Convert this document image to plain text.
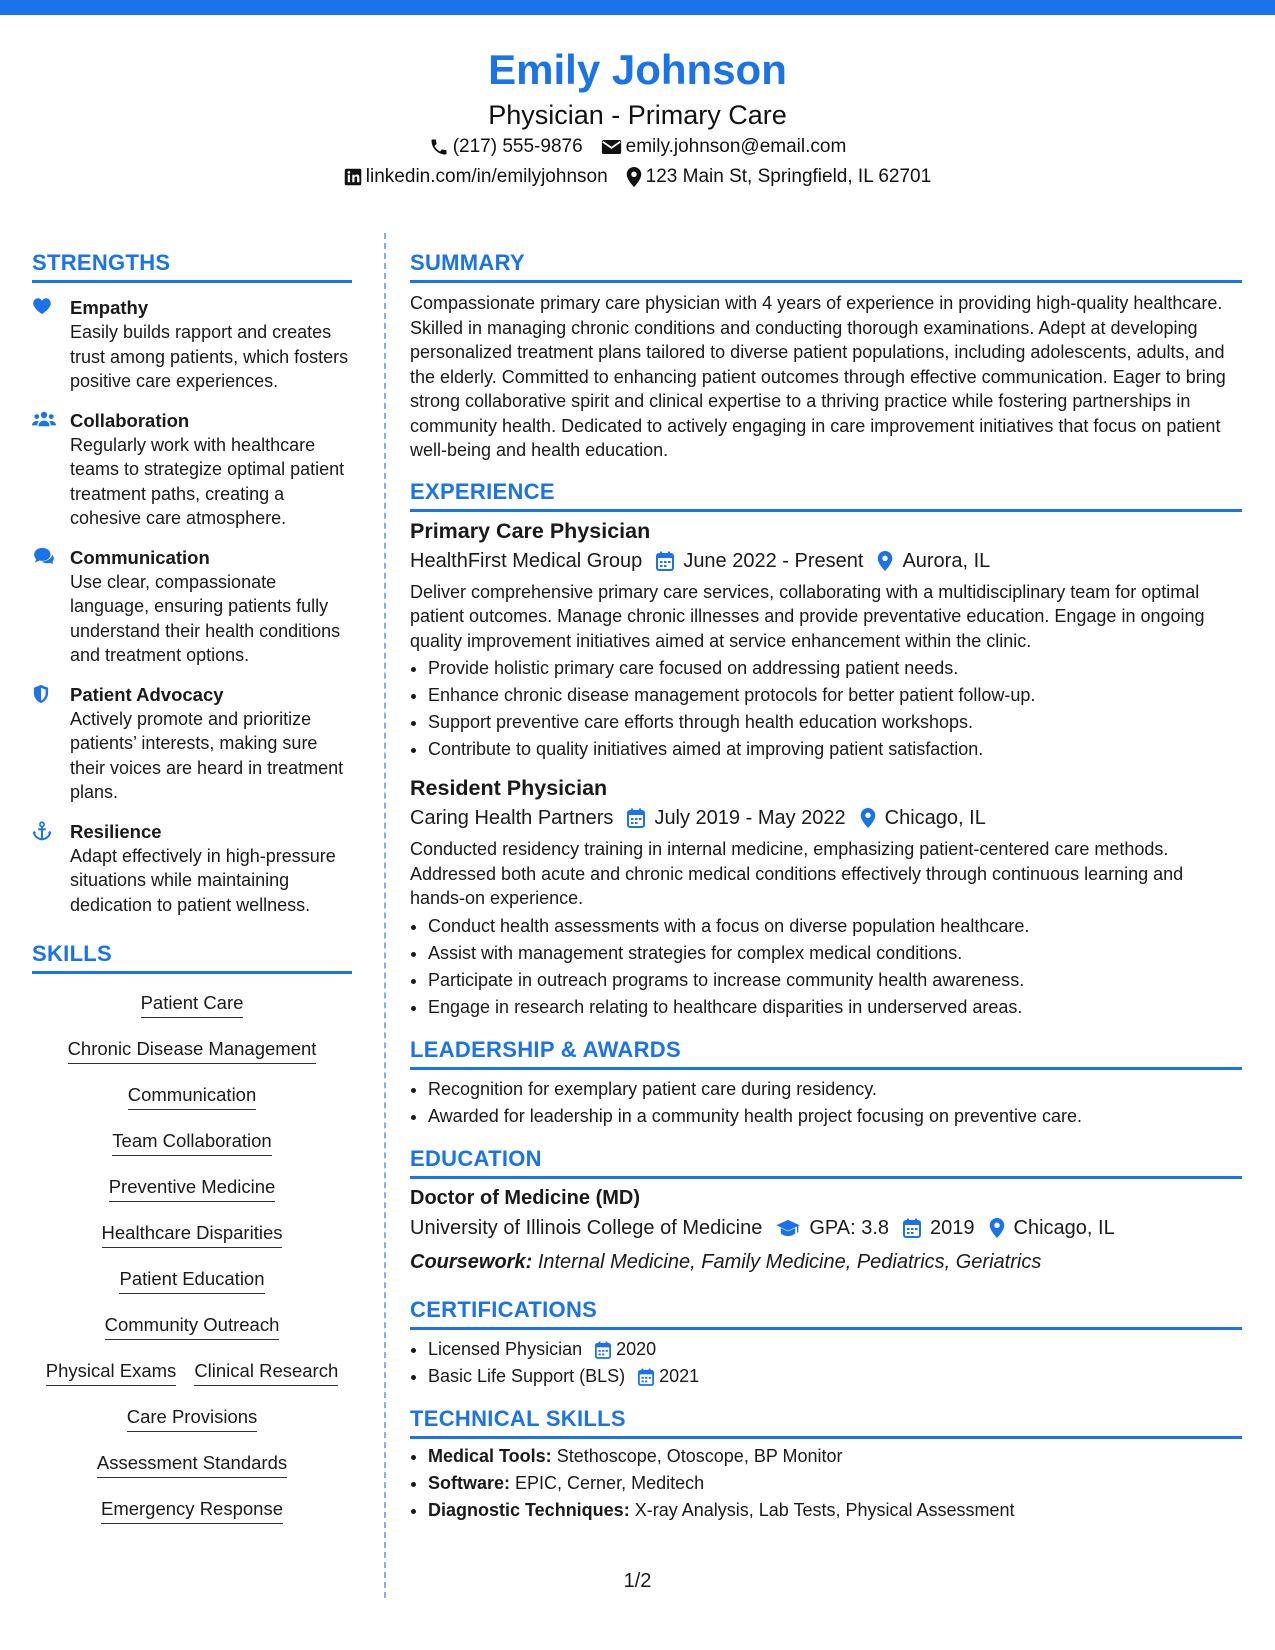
Emily Johnson
Physician - Primary Care
(217) 555-9876 emily.johnson@email.com
linkedin.com/in/emilyjohnson 123 Main St, Springfield, IL 62701
STRENGTHS
Empathy
Easily builds rapport and creates trust among patients, which fosters positive care experiences.
Collaboration
Regularly work with healthcare teams to strategize optimal patient treatment paths, creating a cohesive care atmosphere.
Communication
Use clear, compassionate language, ensuring patients fully understand their health conditions and treatment options.
Patient Advocacy
Actively promote and prioritize patients’ interests, making sure their voices are heard in treatment plans.
Resilience
Adapt effectively in high-pressure situations while maintaining dedication to patient wellness.
SKILLS
Patient Care
Chronic Disease Management
Communication
Team Collaboration
Preventive Medicine
Healthcare Disparities
Patient Education
Community Outreach
Physical Exams Clinical Research
Care Provisions
Assessment Standards
Emergency Response
SUMMARY
Compassionate primary care physician with 4 years of experience in providing high-quality healthcare. Skilled in managing chronic conditions and conducting thorough examinations. Adept at developing personalized treatment plans tailored to diverse patient populations, including adolescents, adults, and the elderly. Committed to enhancing patient outcomes through effective communication. Eager to bring strong collaborative spirit and clinical expertise to a thriving practice while fostering partnerships in community health. Dedicated to actively engaging in care improvement initiatives that focus on patient well-being and health education.
EXPERIENCE
Primary Care Physician
HealthFirst Medical Group June 2022 - Present Aurora, IL
Deliver comprehensive primary care services, collaborating with a multidisciplinary team for optimal patient outcomes. Manage chronic illnesses and provide preventative education. Engage in ongoing quality improvement initiatives aimed at service enhancement within the clinic.
• Provide holistic primary care focused on addressing patient needs.
• Enhance chronic disease management protocols for better patient follow-up.
• Support preventive care efforts through health education workshops.
• Contribute to quality initiatives aimed at improving patient satisfaction.
Resident Physician
Caring Health Partners July 2019 - May 2022 Chicago, IL
Conducted residency training in internal medicine, emphasizing patient-centered care methods. Addressed both acute and chronic medical conditions effectively through continuous learning and hands-on experience.
• Conduct health assessments with a focus on diverse population healthcare.
• Assist with management strategies for complex medical conditions.
• Participate in outreach programs to increase community health awareness.
• Engage in research relating to healthcare disparities in underserved areas.
LEADERSHIP & AWARDS
• Recognition for exemplary patient care during residency.
• Awarded for leadership in a community health project focusing on preventive care.
EDUCATION
Doctor of Medicine (MD)
University of Illinois College of Medicine GPA: 3.8 2019 Chicago, IL
Coursework: Internal Medicine, Family Medicine, Pediatrics, Geriatrics
CERTIFICATIONS
• Licensed Physician 2020
• Basic Life Support (BLS) 2021
TECHNICAL SKILLS
• Medical Tools: Stethoscope, Otoscope, BP Monitor
• Software: EPIC, Cerner, Meditech
• Diagnostic Techniques: X-ray Analysis, Lab Tests, Physical Assessment
1/2
